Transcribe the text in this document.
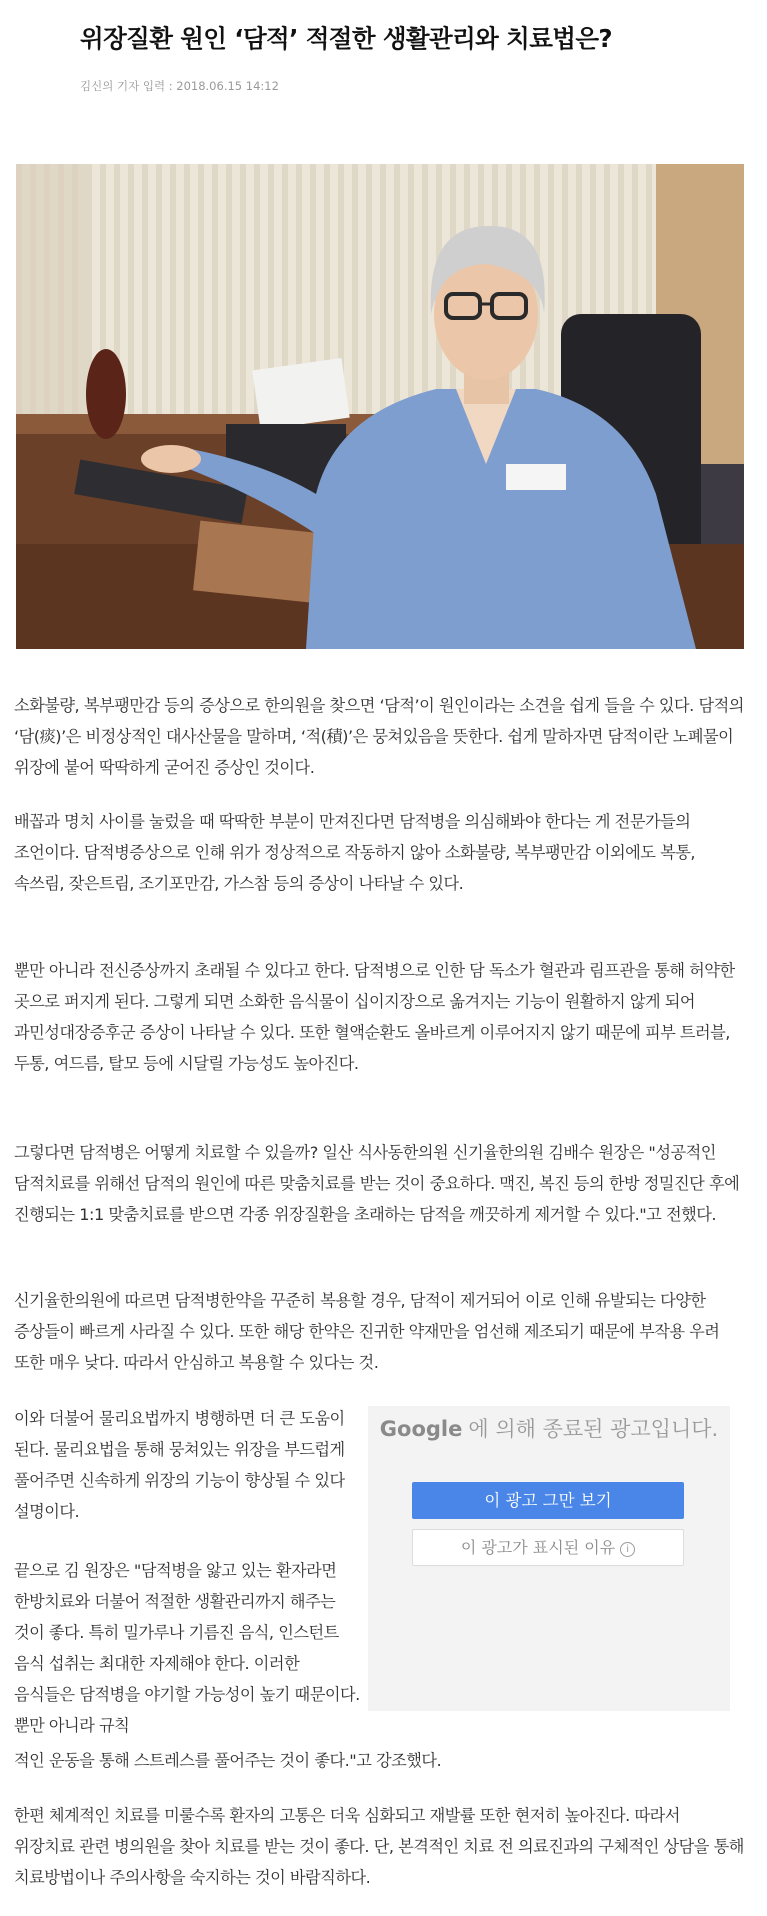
위장질환 원인 ‘담적’ 적절한 생활관리와 치료법은?

김신의 기자 입력 : 2018.06.15 14:12

소화불량, 복부팽만감 등의 증상으로 한의원을 찾으면 ‘담적’이 원인이라는 소견을 쉽게 들을 수 있다. 담적의 ‘담(痰)’은 비정상적인 대사산물을 말하며, ‘적(積)’은 뭉쳐있음을 뜻한다. 쉽게 말하자면 담적이란 노폐물이 위장에 붙어 딱딱하게 굳어진 증상인 것이다.

배꼽과 명치 사이를 눌렀을 때 딱딱한 부분이 만져진다면 담적병을 의심해봐야 한다는 게 전문가들의 조언이다. 담적병증상으로 인해 위가 정상적으로 작동하지 않아 소화불량, 복부팽만감 이외에도 복통, 속쓰림, 잦은트림, 조기포만감, 가스참 등의 증상이 나타날 수 있다.

뿐만 아니라 전신증상까지 초래될 수 있다고 한다. 담적병으로 인한 담 독소가 혈관과 림프관을 통해 허약한 곳으로 퍼지게 된다. 그렇게 되면 소화한 음식물이 십이지장으로 옮겨지는 기능이 원활하지 않게 되어 과민성대장증후군 증상이 나타날 수 있다. 또한 혈액순환도 올바르게 이루어지지 않기 때문에 피부 트러블, 두통, 여드름, 탈모 등에 시달릴 가능성도 높아진다.

그렇다면 담적병은 어떻게 치료할 수 있을까? 일산 식사동한의원 신기율한의원 김배수 원장은 "성공적인 담적치료를 위해선 담적의 원인에 따른 맞춤치료를 받는 것이 중요하다. 맥진, 복진 등의 한방 정밀진단 후에 진행되는 1:1 맞춤치료를 받으면 각종 위장질환을 초래하는 담적을 깨끗하게 제거할 수 있다."고 전했다.

신기율한의원에 따르면 담적병한약을 꾸준히 복용할 경우, 담적이 제거되어 이로 인해 유발되는 다양한 증상들이 빠르게 사라질 수 있다. 또한 해당 한약은 진귀한 약재만을 엄선해 제조되기 때문에 부작용 우려 또한 매우 낮다. 따라서 안심하고 복용할 수 있다는 것.

이와 더불어 물리요법까지 병행하면 더 큰 도움이 된다. 물리요법을 통해 뭉쳐있는 위장을 부드럽게 풀어주면 신속하게 위장의 기능이 향상될 수 있다 설명이다.

끝으로 김 원장은 "담적병을 앓고 있는 환자라면 한방치료와 더불어 적절한 생활관리까지 해주는 것이 좋다. 특히 밀가루나 기름진 음식, 인스턴트 음식 섭취는 최대한 자제해야 한다. 이러한 음식들은 담적병을 야기할 가능성이 높기 때문이다. 뿐만 아니라 규칙

적인 운동을 통해 스트레스를 풀어주는 것이 좋다."고 강조했다.

한편 체계적인 치료를 미룰수록 환자의 고통은 더욱 심화되고 재발률 또한 현저히 높아진다. 따라서 위장치료 관련 병의원을 찾아 치료를 받는 것이 좋다. 단, 본격적인 치료 전 의료진과의 구체적인 상담을 통해 치료방법이나 주의사항을 숙지하는 것이 바람직하다.

Google 에 의해 종료된 광고입니다.
이 광고 그만 보기
이 광고가 표시된 이유 i
